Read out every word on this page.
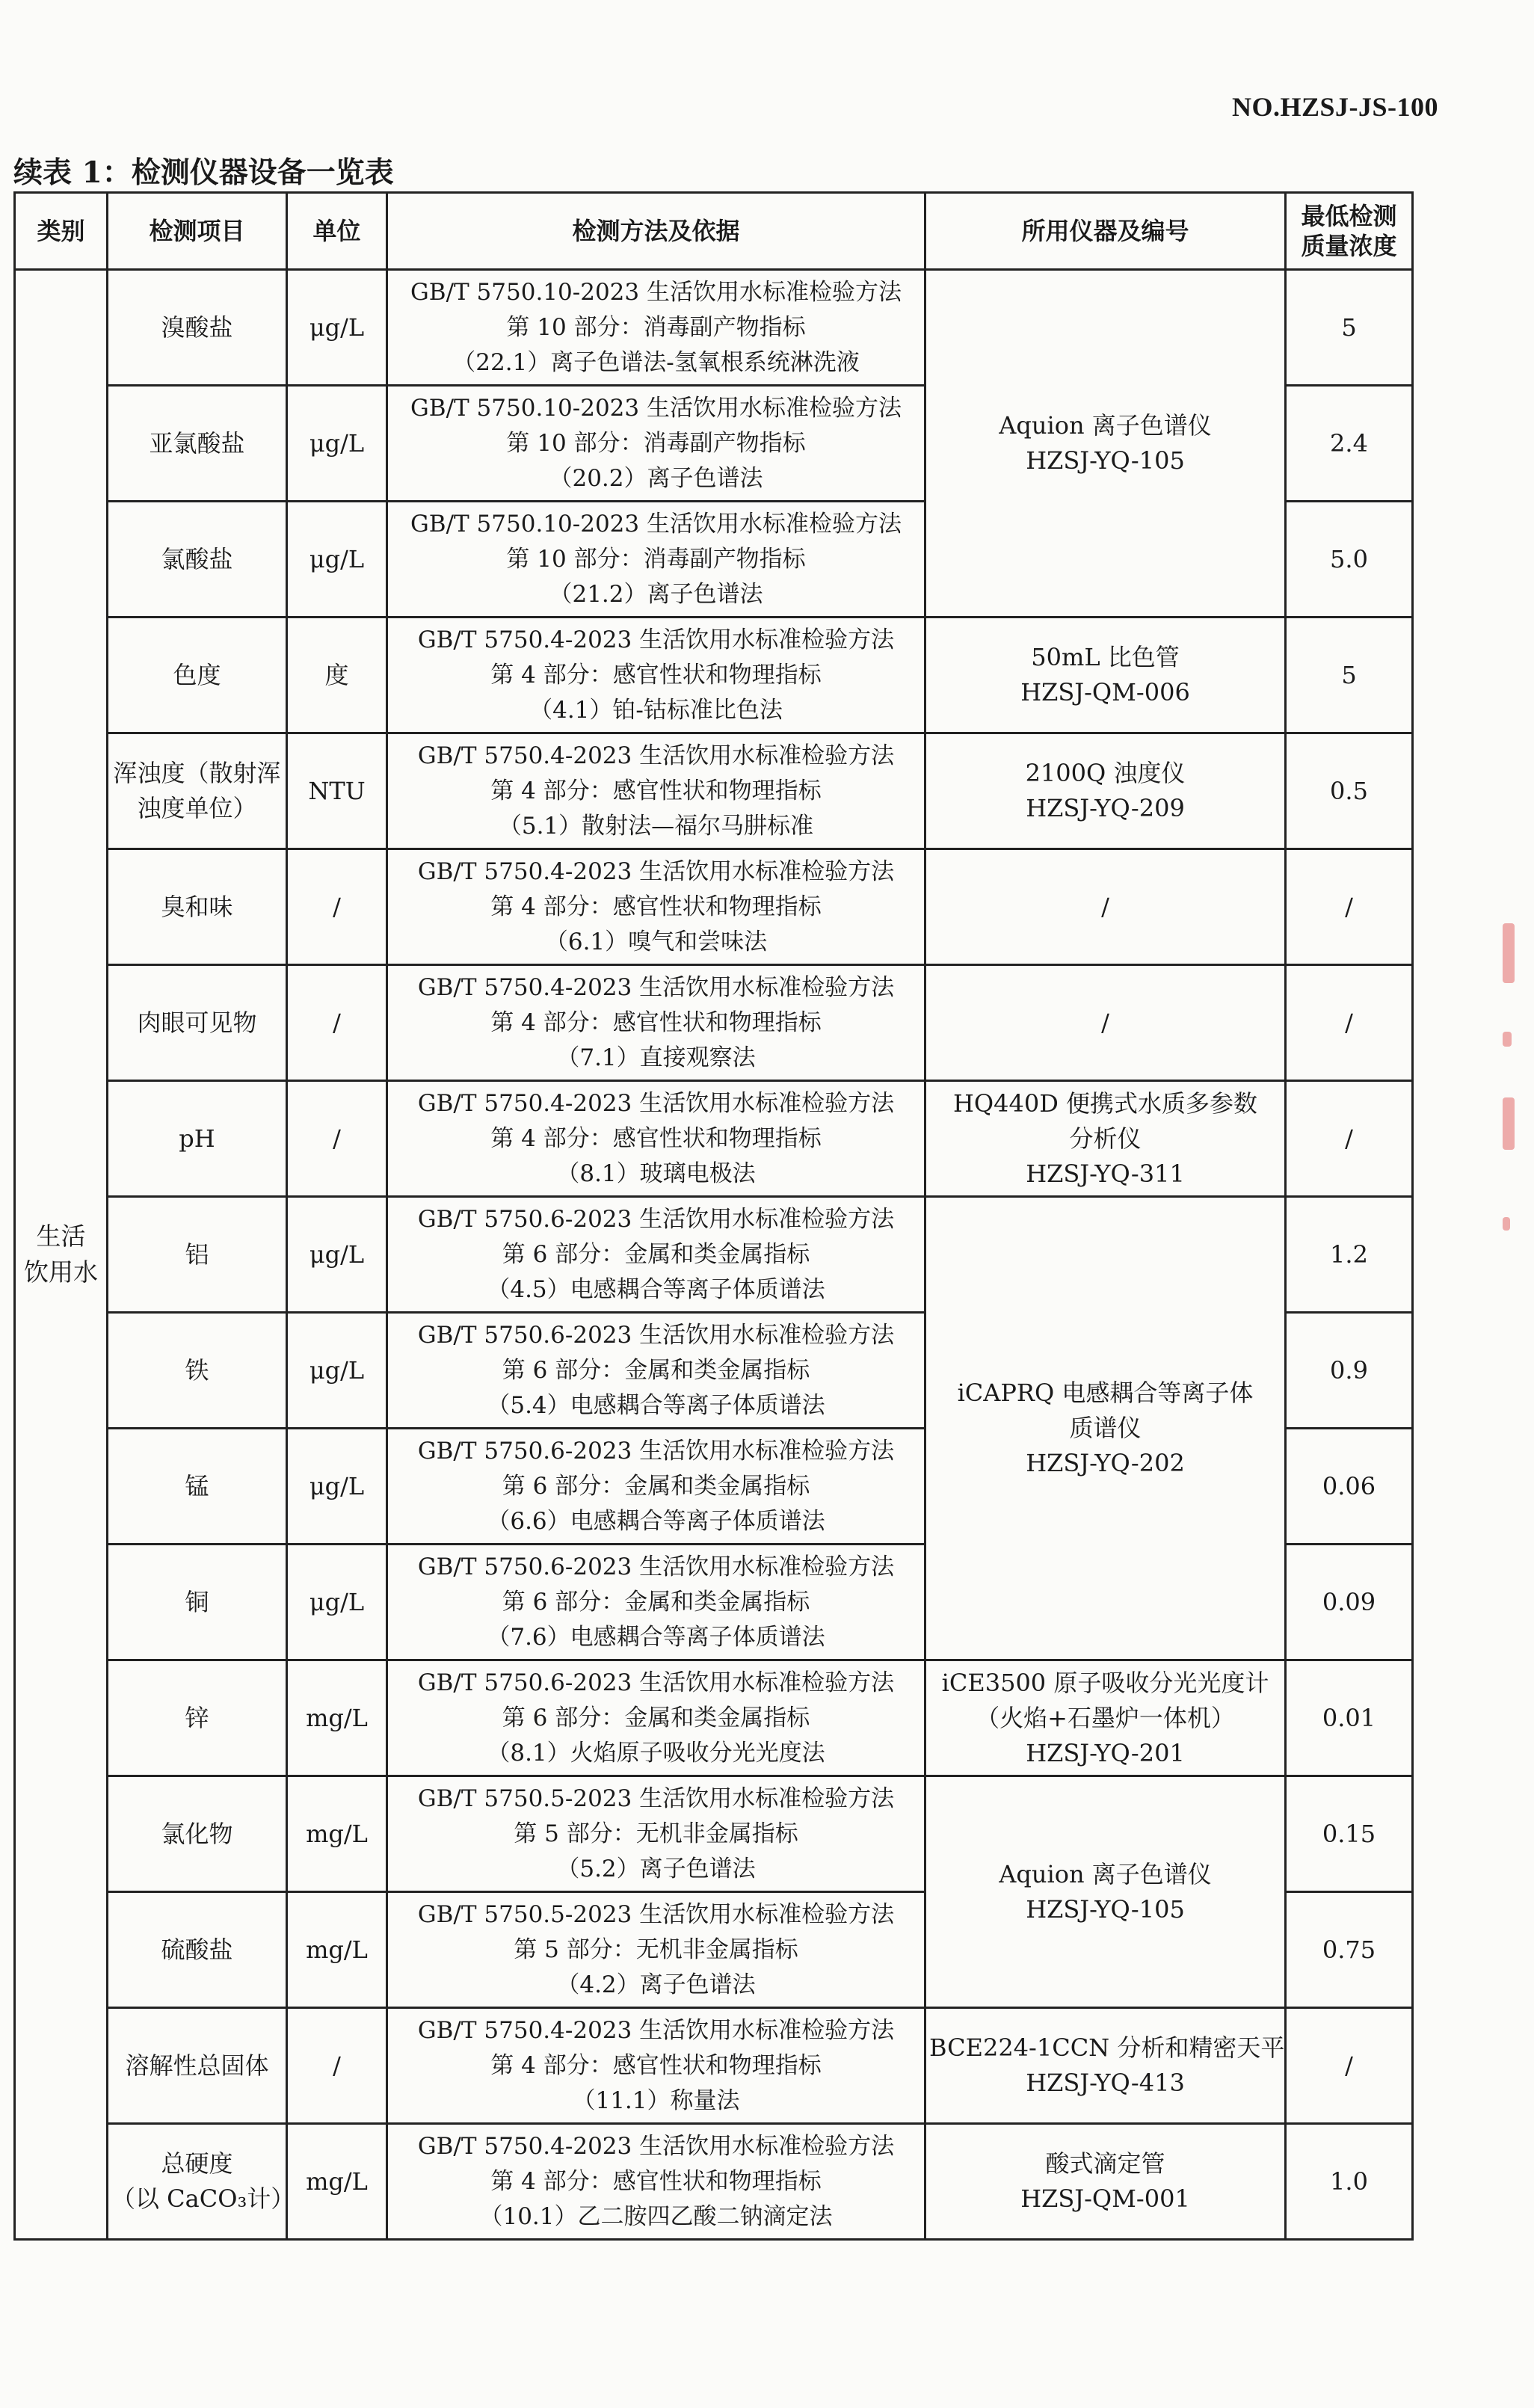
NO.HZSJ-JS-100
续表 1：检测仪器设备一览表
类别	检测项目	单位	检测方法及依据	所用仪器及编号	最低检测
质量浓度

生活
饮用水	溴酸盐	μg/L	GB/T 5750.10-2023 生活饮用水标准检验方法
第 10 部分：消毒副产物指标
（22.1）离子色谱法-氢氧根系统淋洗液	Aquion 离子色谱仪
HZSJ-YQ-105	5

	亚氯酸盐	μg/L	GB/T 5750.10-2023 生活饮用水标准检验方法
第 10 部分：消毒副产物指标
（20.2）离子色谱法		2.4

	氯酸盐	μg/L	GB/T 5750.10-2023 生活饮用水标准检验方法
第 10 部分：消毒副产物指标
（21.2）离子色谱法		5.0

	色度	度	GB/T 5750.4-2023 生活饮用水标准检验方法
第 4 部分：感官性状和物理指标
（4.1）铂-钴标准比色法	50mL 比色管
HZSJ-QM-006	5

	浑浊度（散射浑
浊度单位）	NTU	GB/T 5750.4-2023 生活饮用水标准检验方法
第 4 部分：感官性状和物理指标
（5.1）散射法—福尔马肼标准	2100Q 浊度仪
HZSJ-YQ-209	0.5

	臭和味	/	GB/T 5750.4-2023 生活饮用水标准检验方法
第 4 部分：感官性状和物理指标
（6.1）嗅气和尝味法	/	/

	肉眼可见物	/	GB/T 5750.4-2023 生活饮用水标准检验方法
第 4 部分：感官性状和物理指标
（7.1）直接观察法	/	/

	pH	/	GB/T 5750.4-2023 生活饮用水标准检验方法
第 4 部分：感官性状和物理指标
（8.1）玻璃电极法	HQ440D 便携式水质多参数
分析仪
HZSJ-YQ-311	/

	铝	μg/L	GB/T 5750.6-2023 生活饮用水标准检验方法
第 6 部分：金属和类金属指标
（4.5）电感耦合等离子体质谱法	iCAPRQ 电感耦合等离子体
质谱仪
HZSJ-YQ-202	1.2

	铁	μg/L	GB/T 5750.6-2023 生活饮用水标准检验方法
第 6 部分：金属和类金属指标
（5.4）电感耦合等离子体质谱法		0.9

	锰	μg/L	GB/T 5750.6-2023 生活饮用水标准检验方法
第 6 部分：金属和类金属指标
（6.6）电感耦合等离子体质谱法		0.06

	铜	μg/L	GB/T 5750.6-2023 生活饮用水标准检验方法
第 6 部分：金属和类金属指标
（7.6）电感耦合等离子体质谱法		0.09

	锌	mg/L	GB/T 5750.6-2023 生活饮用水标准检验方法
第 6 部分：金属和类金属指标
（8.1）火焰原子吸收分光光度法	iCE3500 原子吸收分光光度计
（火焰+石墨炉一体机）
HZSJ-YQ-201	0.01

	氯化物	mg/L	GB/T 5750.5-2023 生活饮用水标准检验方法
第 5 部分：无机非金属指标
（5.2）离子色谱法	Aquion 离子色谱仪
HZSJ-YQ-105	0.15

	硫酸盐	mg/L	GB/T 5750.5-2023 生活饮用水标准检验方法
第 5 部分：无机非金属指标
（4.2）离子色谱法		0.75

	溶解性总固体	/	GB/T 5750.4-2023 生活饮用水标准检验方法
第 4 部分：感官性状和物理指标
（11.1）称量法	BCE224-1CCN 分析和精密天平
HZSJ-YQ-413	/

	总硬度
（以 CaCO₃计）	mg/L	GB/T 5750.4-2023 生活饮用水标准检验方法
第 4 部分：感官性状和物理指标
（10.1）乙二胺四乙酸二钠滴定法	酸式滴定管
HZSJ-QM-001	1.0
